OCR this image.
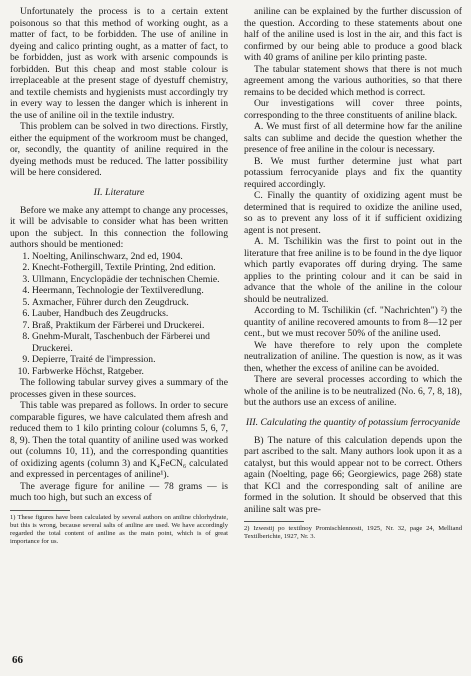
Unfortunately the process is to a certain extent poisonous so that this method of working ought, as a matter of fact, to be forbidden. The use of aniline in dyeing and calico printing ought, as a matter of fact, to be forbidden, just as work with arsenic compounds is forbidden. But this cheap and most stable colour is irreplaceable at the present stage of dyestuff chemistry, and textile chemists and hygienists must accordingly try in every way to lessen the danger which is inherent in the use of aniline oil in the textile industry.

This problem can be solved in two directions. Firstly, either the equipment of the workroom must be changed, or, secondly, the quantity of aniline required in the dyeing methods must be reduced. The latter possibility will be here considered.

II. Literature

Before we make any attempt to change any processes, it will be advisable to consider what has been written upon the subject. In this connection the following authors should be mentioned:

1. Noelting, Anilinschwarz, 2nd ed, 1904.
2. Knecht-Fothergill, Textile Printing, 2nd edition.
3. Ullmann, Encyclopädie der technischen Chemie.
4. Heermann, Technologie der Textilveredlung.
5. Axmacher, Führer durch den Zeugdruck.
6. Lauber, Handbuch des Zeugdrucks.
7. Braß, Praktikum der Färberei und Druckerei.
8. Gnehm-Muralt, Taschenbuch der Färberei und Druckerei.
9. Depierre, Traité de l'impression.
10. Farbwerke Höchst, Ratgeber.

The following tabular survey gives a summary of the processes given in these sources.

This table was prepared as follows. In order to secure comparable figures, we have calculated them afresh and reduced them to 1 kilo printing colour (columns 5, 6, 7, 8, 9). Then the total quantity of aniline used was worked out (columns 10, 11), and the corresponding quantities of oxidizing agents (column 3) and K₄FeCN₆ calculated and expressed in percentages of aniline¹).

The average figure for aniline — 78 grams — is much too high, but such an excess of

1) These figures have been calculated by several authors on aniline chlorhydrate, but this is wrong, because several salts of aniline are used. We have accordingly regarded the total content of aniline as the main point, which is of great importance for us.

aniline can be explained by the further discussion of the question. According to these statements about one half of the aniline used is lost in the air, and this fact is confirmed by our being able to produce a good black with 40 grams of aniline per kilo printing paste.

The tabular statement shows that there is not much agreement among the various authorities, so that there remains to be decided which method is correct.

Our investigations will cover three points, corresponding to the three constituents of aniline black.

A. We must first of all determine how far the aniline salts can sublime and decide the question whether the presence of free aniline in the colour is necessary.

B. We must further determine just what part potassium ferrocyanide plays and fix the quantity required accordingly.

C. Finally the quantity of oxidizing agent must be determined that is required to oxidize the aniline used, so as to prevent any loss of it if sufficient oxidizing agent is not present.

A. M. Tschilikin was the first to point out in the literature that free aniline is to be found in the dye liquor which partly evaporates off during drying. The same applies to the printing colour and it can be said in advance that the whole of the aniline in the colour should be neutralized.

According to M. Tschilikin (cf. "Nachrichten") ²) the quantity of aniline recovered amounts to from 8—12 per cent., but we must recover 50% of the aniline used.

We have therefore to rely upon the complete neutralization of aniline. The question is now, as it was then, whether the excess of aniline can be avoided.

There are several processes according to which the whole of the aniline is to be neutralized (No. 6, 7, 8, 18), but the authors use an excess of aniline.

III. Calculating the quantity of potassium ferrocyanide

B) The nature of this calculation depends upon the part ascribed to the salt. Many authors look upon it as a catalyst, but this would appear not to be correct. Others again (Noelting, page 66; Georgiewics, page 268) state that KCl and the corresponding salt of aniline are formed in the solution. It should be observed that this aniline salt was pre-

2) Izwestij po textilnoy Promischlennosti, 1925, Nr. 32, page 24, Melliand Textilberichte, 1927, Nr. 3.

66
